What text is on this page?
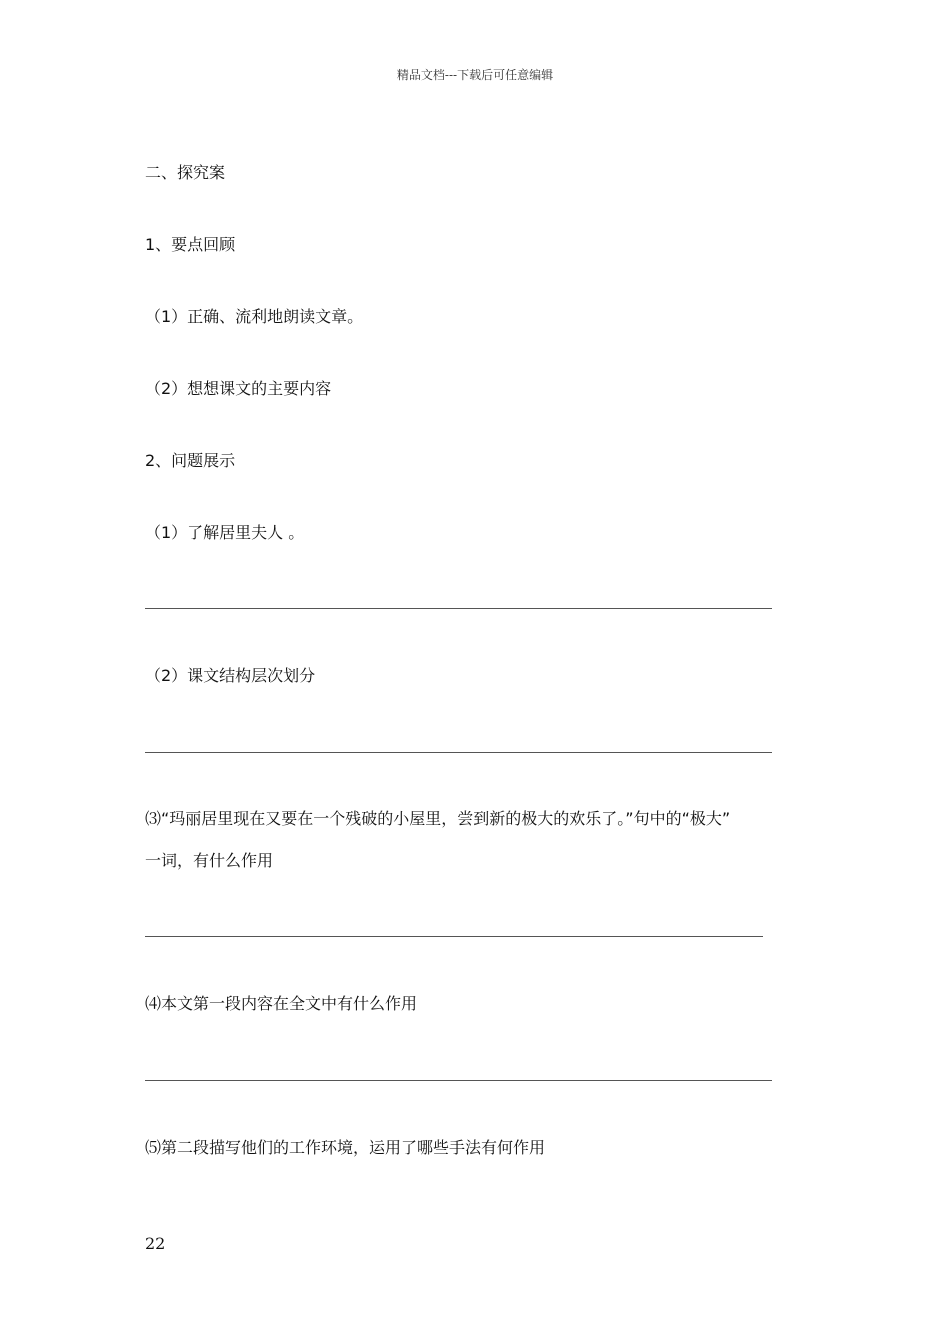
精品文档---下载后可任意编辑
二、探究案
1、要点回顾
（1）正确、流利地朗读文章。
（2）想想课文的主要内容
2、问题展示
（1）了解居里夫人 。
（2）课文结构层次划分
⑶“玛丽居里现在又要在一个残破的小屋里，尝到新的极大的欢乐了。”句中的“极大”
一词，有什么作用
⑷本文第一段内容在全文中有什么作用
⑸第二段描写他们的工作环境，运用了哪些手法有何作用
22
